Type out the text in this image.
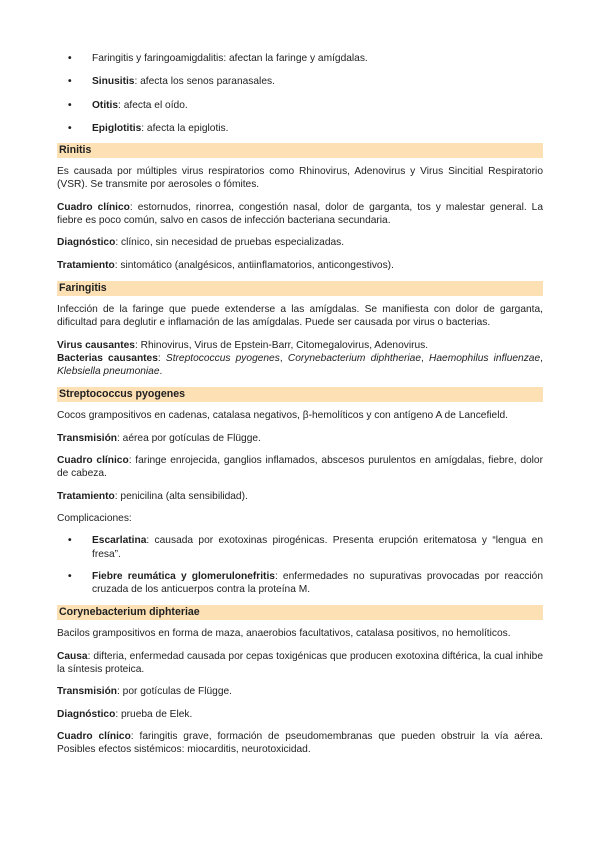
• Faringitis y faringoamigdalitis: afectan la faringe y amígdalas.
• Sinusitis: afecta los senos paranasales.
• Otitis: afecta el oído.
• Epiglotitis: afecta la epiglotis.
Rinitis

Es causada por múltiples virus respiratorios como Rhinovirus, Adenovirus y Virus Sincitial Respiratorio (VSR). Se transmite por aerosoles o fómites.

Cuadro clínico: estornudos, rinorrea, congestión nasal, dolor de garganta, tos y malestar general. La fiebre es poco común, salvo en casos de infección bacteriana secundaria.

Diagnóstico: clínico, sin necesidad de pruebas especializadas.

Tratamiento: sintomático (analgésicos, antiinflamatorios, anticongestivos).

Faringitis

Infección de la faringe que puede extenderse a las amígdalas. Se manifiesta con dolor de garganta, dificultad para deglutir e inflamación de las amígdalas. Puede ser causada por virus o bacterias.

Virus causantes: Rhinovirus, Virus de Epstein-Barr, Citomegalovirus, Adenovirus.

Bacterias causantes: Streptococcus pyogenes, Corynebacterium diphtheriae, Haemophilus influenzae, Klebsiella pneumoniae.

Streptococcus pyogenes

Cocos grampositivos en cadenas, catalasa negativos, β-hemolíticos y con antígeno A de Lancefield.

Transmisión: aérea por gotículas de Flügge.

Cuadro clínico: faringe enrojecida, ganglios inflamados, abscesos purulentos en amígdalas, fiebre, dolor de cabeza.

Tratamiento: penicilina (alta sensibilidad).

Complicaciones:

• Escarlatina: causada por exotoxinas pirogénicas. Presenta erupción eritematosa y “lengua en fresa”.
• Fiebre reumática y glomerulonefritis: enfermedades no supurativas provocadas por reacción cruzada de los anticuerpos contra la proteína M.
Corynebacterium diphteriae

Bacilos grampositivos en forma de maza, anaerobios facultativos, catalasa positivos, no hemolíticos.

Causa: difteria, enfermedad causada por cepas toxigénicas que producen exotoxina diftérica, la cual inhibe la síntesis proteica.

Transmisión: por gotículas de Flügge.

Diagnóstico: prueba de Elek.

Cuadro clínico: faringitis grave, formación de pseudomembranas que pueden obstruir la vía aérea. Posibles efectos sistémicos: miocarditis, neurotoxicidad.
